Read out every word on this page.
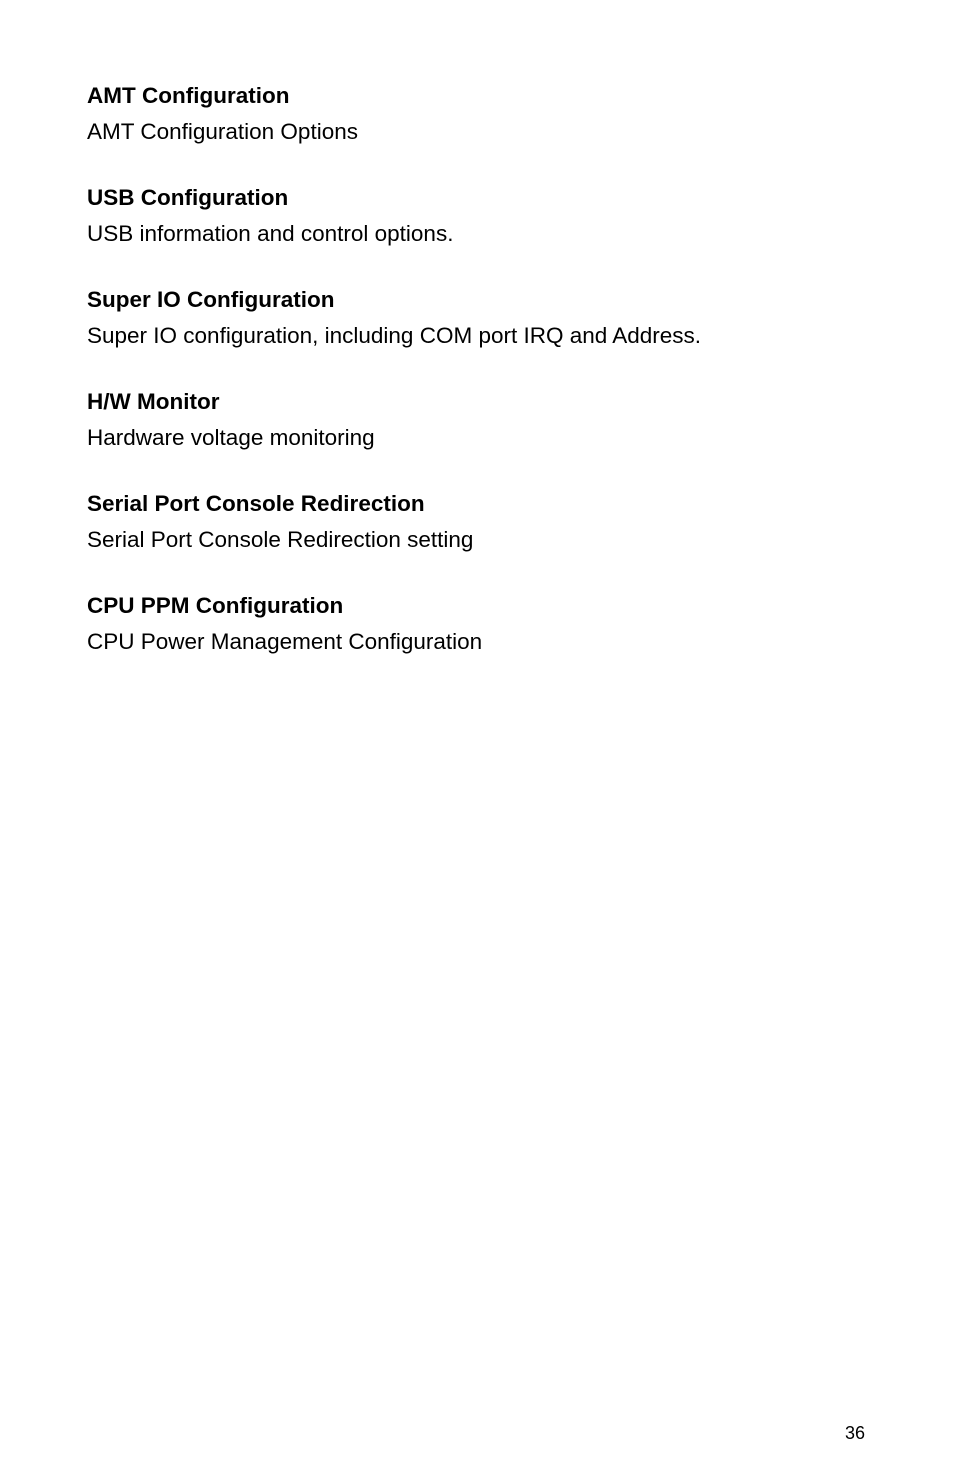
AMT Configuration
AMT Configuration Options
USB Configuration
USB information and control options.
Super IO Configuration
Super IO configuration, including COM port IRQ and Address.
H/W Monitor
Hardware voltage monitoring
Serial Port Console Redirection
Serial Port Console Redirection setting
CPU PPM Configuration
CPU Power Management Configuration
36
